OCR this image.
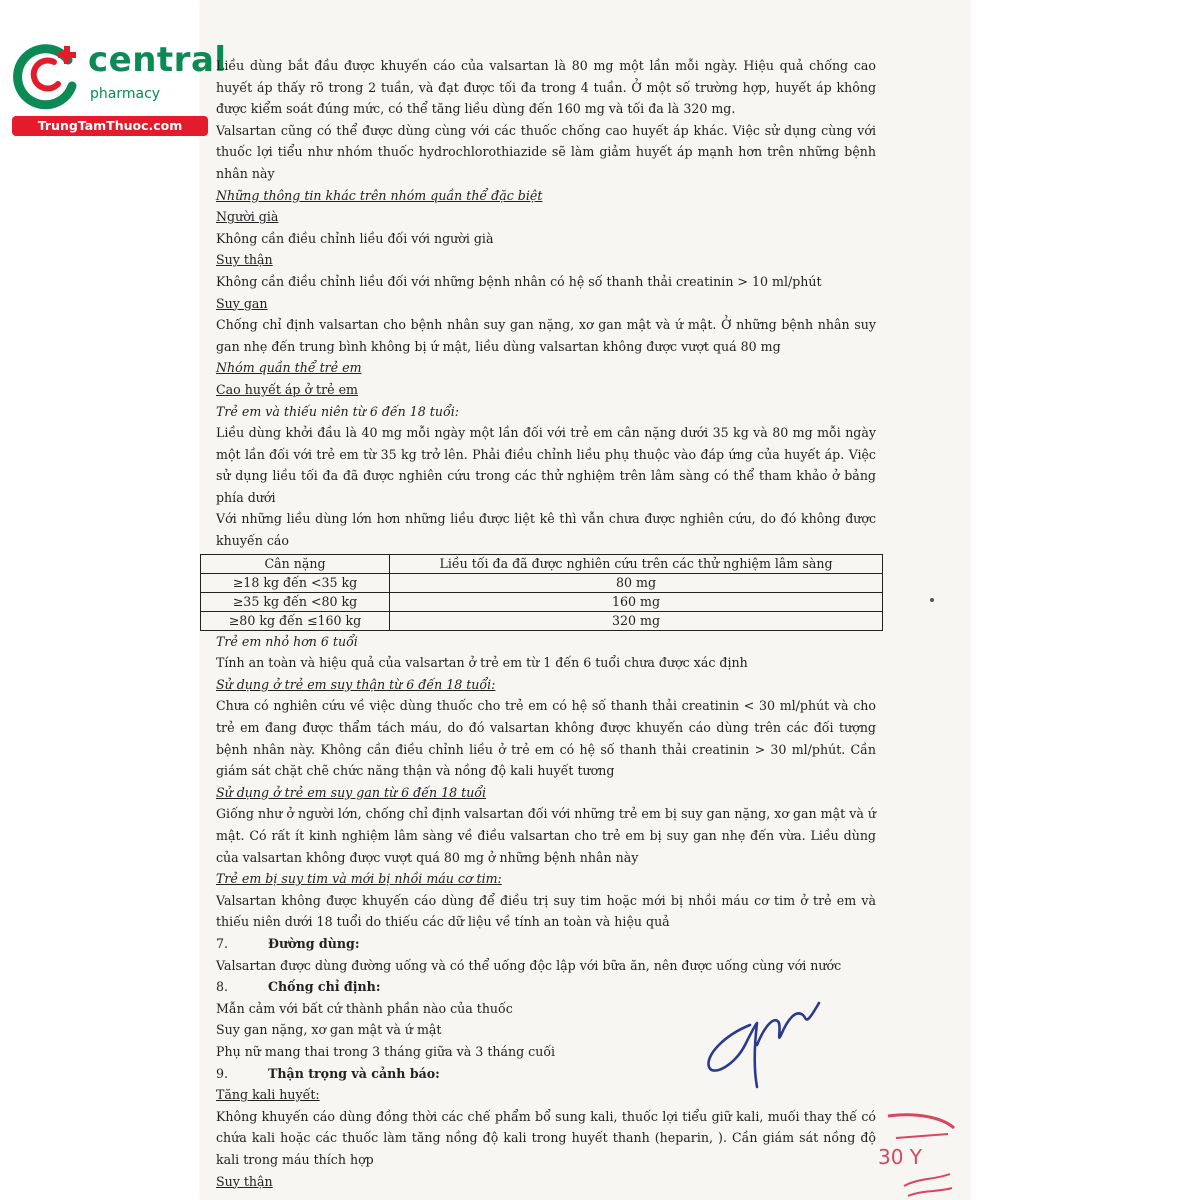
central
pharmacy
TrungTamThuoc.com

Liều dùng bắt đầu được khuyến cáo của valsartan là 80 mg một lần mỗi ngày. Hiệu quả chống cao huyết áp thấy rõ trong 2 tuần, và đạt được tối đa trong 4 tuần. Ở một số trường hợp, huyết áp không được kiểm soát đúng mức, có thể tăng liều dùng đến 160 mg và tối đa là 320 mg.

Valsartan cũng có thể được dùng cùng với các thuốc chống cao huyết áp khác. Việc sử dụng cùng với thuốc lợi tiểu như nhóm thuốc hydrochlorothiazide sẽ làm giảm huyết áp mạnh hơn trên những bệnh nhân này

Những thông tin khác trên nhóm quần thể đặc biệt

Người già

Không cần điều chỉnh liều đối với người già

Suy thận

Không cần điều chỉnh liều đối với những bệnh nhân có hệ số thanh thải creatinin > 10 ml/phút

Suy gan

Chống chỉ định valsartan cho bệnh nhân suy gan nặng, xơ gan mật và ứ mật. Ở những bệnh nhân suy gan nhẹ đến trung bình không bị ứ mật, liều dùng valsartan không được vượt quá 80 mg

Nhóm quần thể trẻ em

Cao huyết áp ở trẻ em

Trẻ em và thiếu niên từ 6 đến 18 tuổi:

Liều dùng khởi đầu là 40 mg mỗi ngày một lần đối với trẻ em cân nặng dưới 35 kg và 80 mg mỗi ngày một lần đối với trẻ em từ 35 kg trở lên. Phải điều chỉnh liều phụ thuộc vào đáp ứng của huyết áp. Việc sử dụng liều tối đa đã được nghiên cứu trong các thử nghiệm trên lâm sàng có thể tham khảo ở bảng phía dưới

Với những liều dùng lớn hơn những liều được liệt kê thì vẫn chưa được nghiên cứu, do đó không được khuyến cáo

Cân nặng	Liều tối đa đã được nghiên cứu trên các thử nghiệm lâm sàng
≥18 kg đến <35 kg	80 mg
≥35 kg đến <80 kg	160 mg
≥80 kg đến ≤160 kg	320 mg

Trẻ em nhỏ hơn 6 tuổi

Tính an toàn và hiệu quả của valsartan ở trẻ em từ 1 đến 6 tuổi chưa được xác định

Sử dụng ở trẻ em suy thận từ 6 đến 18 tuổi:

Chưa có nghiên cứu về việc dùng thuốc cho trẻ em có hệ số thanh thải creatinin < 30 ml/phút và cho trẻ em đang được thẩm tách máu, do đó valsartan không được khuyến cáo dùng trên các đối tượng bệnh nhân này. Không cần điều chỉnh liều ở trẻ em có hệ số thanh thải creatinin > 30 ml/phút. Cần giám sát chặt chẽ chức năng thận và nồng độ kali huyết tương

Sử dụng ở trẻ em suy gan từ 6 đến 18 tuổi

Giống như ở người lớn, chống chỉ định valsartan đối với những trẻ em bị suy gan nặng, xơ gan mật và ứ mật. Có rất ít kinh nghiệm lâm sàng về điều valsartan cho trẻ em bị suy gan nhẹ đến vừa. Liều dùng của valsartan không được vượt quá 80 mg ở những bệnh nhân này

Trẻ em bị suy tim và mới bị nhồi máu cơ tim:

Valsartan không được khuyến cáo dùng để điều trị suy tim hoặc mới bị nhồi máu cơ tim ở trẻ em và thiếu niên dưới 18 tuổi do thiếu các dữ liệu về tính an toàn và hiệu quả

7.	Đường dùng:

Valsartan được dùng đường uống và có thể uống độc lập với bữa ăn, nên được uống cùng với nước

8.	Chống chỉ định:

Mẫn cảm với bất cứ thành phần nào của thuốc

Suy gan nặng, xơ gan mật và ứ mật

Phụ nữ mang thai trong 3 tháng giữa và 3 tháng cuối

9.	Thận trọng và cảnh báo:

Tăng kali huyết:

Không khuyến cáo dùng đồng thời các chế phẩm bổ sung kali, thuốc lợi tiểu giữ kali, muối thay thế có chứa kali hoặc các thuốc làm tăng nồng độ kali trong huyết thanh (heparin, ). Cần giám sát nồng độ kali trong máu thích hợp

Suy thận

30 Y
